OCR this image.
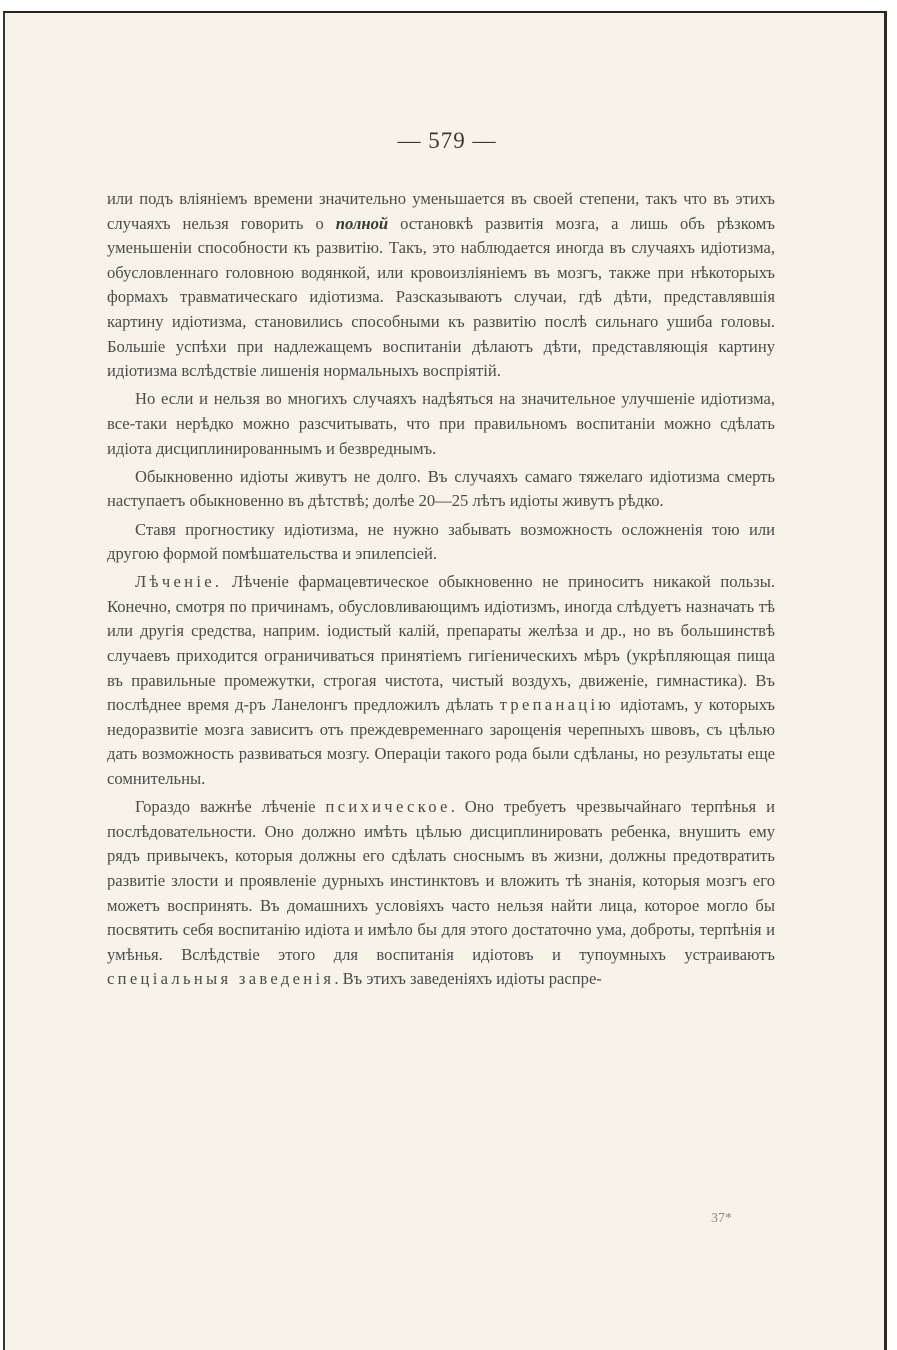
— 579 —

или подъ вліяніемъ времени значительно уменьшается въ своей степени, такъ что въ этихъ случаяхъ нельзя говорить о полной остановкѣ развитія мозга, а лишь объ рѣзкомъ уменьшеніи способности къ развитію. Такъ, это наблюдается иногда въ случаяхъ идіотизма, обусловленнаго головною водянкой, или кровоизліяніемъ въ мозгъ, также при нѣкоторыхъ формахъ травматическаго идіотизма. Разсказываютъ случаи, гдѣ дѣти, представлявшія картину идіотизма, становились способными къ развитію послѣ сильнаго ушиба головы. Большіе успѣхи при надлежащемъ воспитаніи дѣлаютъ дѣти, представляющія картину идіотизма вслѣдствіе лишенія нормальныхъ воспріятій.

Но если и нельзя во многихъ случаяхъ надѣяться на значительное улучшеніе идіотизма, все-таки нерѣдко можно разсчитывать, что при правильномъ воспитаніи можно сдѣлать идіота дисциплинированнымъ и безвреднымъ.

Обыкновенно идіоты живутъ не долго. Въ случаяхъ самаго тяжелаго идіотизма смерть наступаетъ обыкновенно въ дѣтствѣ; долѣе 20—25 лѣтъ идіоты живутъ рѣдко.

Ставя прогностику идіотизма, не нужно забывать возможность осложненія тою или другою формой помѣшательства и эпилепсіей.

Лѣченіе. Лѣченіе фармацевтическое обыкновенно не приноситъ никакой пользы. Конечно, смотря по причинамъ, обусловливающимъ идіотизмъ, иногда слѣдуетъ назначать тѣ или другія средства, наприм. іодистый калій, препараты желѣза и др., но въ большинствѣ случаевъ приходится ограничиваться принятіемъ гигіеническихъ мѣръ (укрѣпляющая пища въ правильные промежутки, строгая чистота, чистый воздухъ, движеніе, гимнастика). Въ послѣднее время д-ръ Ланелонгъ предложилъ дѣлать трепанацію идіотамъ, у которыхъ недоразвитіе мозга зависитъ отъ преждевременнаго зарощенія черепныхъ швовъ, съ цѣлью дать возможность развиваться мозгу. Операціи такого рода были сдѣланы, но результаты еще сомнительны.

Гораздо важнѣе лѣченіе психическое. Оно требуетъ чрезвычайнаго терпѣнья и послѣдовательности. Оно должно имѣть цѣлью дисциплинировать ребенка, внушить ему рядъ привычекъ, которыя должны его сдѣлать сноснымъ въ жизни, должны предотвратить развитіе злости и проявленіе дурныхъ инстинктовъ и вложить тѣ знанія, которыя мозгъ его можетъ воспринять. Въ домашнихъ условіяхъ часто нельзя найти лица, которое могло бы посвятить себя воспитанію идіота и имѣло бы для этого достаточно ума, доброты, терпѣнія и умѣнья. Вслѣдствіе этого для воспитанія идіотовъ и тупоумныхъ устраиваютъ спеціальныя заведенія. Въ этихъ заведеніяхъ идіоты распре-

37*
